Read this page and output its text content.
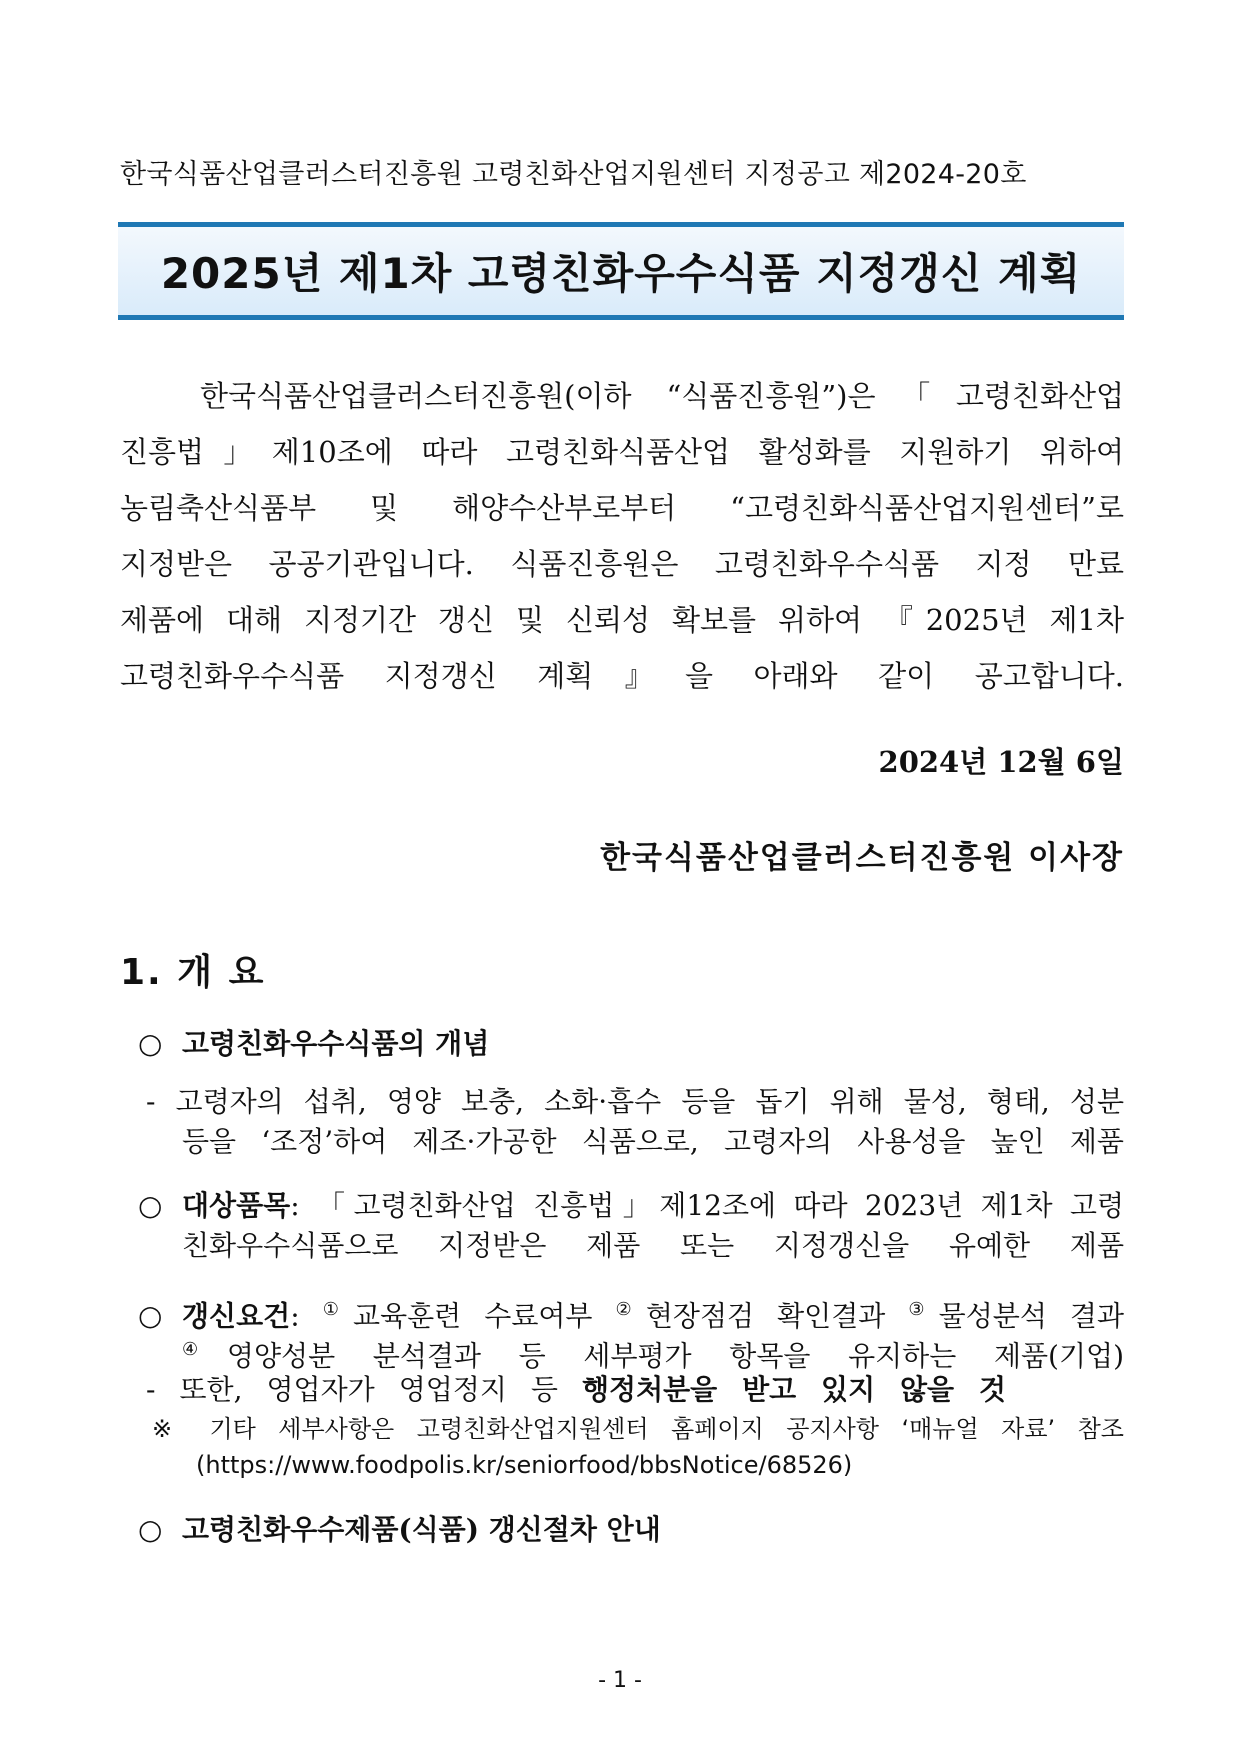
한국식품산업클러스터진흥원 고령친화산업지원센터 지정공고 제2024-20호
2025년 제1차 고령친화우수식품 지정갱신 계획
한국식품산업클러스터진흥원(이하 “식품진흥원”)은「고령친화산업
진흥법」제10조에 따라 고령친화식품산업 활성화를 지원하기 위하여
농림축산식품부 및 해양수산부로부터 “고령친화식품산업지원센터”로
지정받은 공공기관입니다. 식품진흥원은 고령친화우수식품 지정 만료
제품에 대해 지정기간 갱신 및 신뢰성 확보를 위하여 『2025년 제1차
고령친화우수식품 지정갱신 계획』을 아래와 같이 공고합니다.
2024년 12월 6일
한국식품산업클러스터진흥원 이사장
1. 개 요
○ 고령친화우수식품의 개념
- 고령자의 섭취, 영양 보충, 소화·흡수 등을 돕기 위해 물성, 형태, 성분
등을 ‘조정’하여 제조·가공한 식품으로, 고령자의 사용성을 높인 제품
○ 대상품목: 「고령친화산업 진흥법」제12조에 따라 2023년 제1차 고령
친화우수식품으로 지정받은 제품 또는 지정갱신을 유예한 제품
○ 갱신요건: ①교육훈련 수료여부 ②현장점검 확인결과 ③물성분석 결과
④영양성분 분석결과 등 세부평가 항목을 유지하는 제품(기업)
- 또한, 영업자가 영업정지 등 행정처분을 받고 있지 않을 것
※ 기타 세부사항은 고령친화산업지원센터 홈페이지 공지사항 ‘매뉴얼 자료’ 참조
(https://www.foodpolis.kr/seniorfood/bbsNotice/68526)
○ 고령친화우수제품(식품) 갱신절차 안내
- 1 -
